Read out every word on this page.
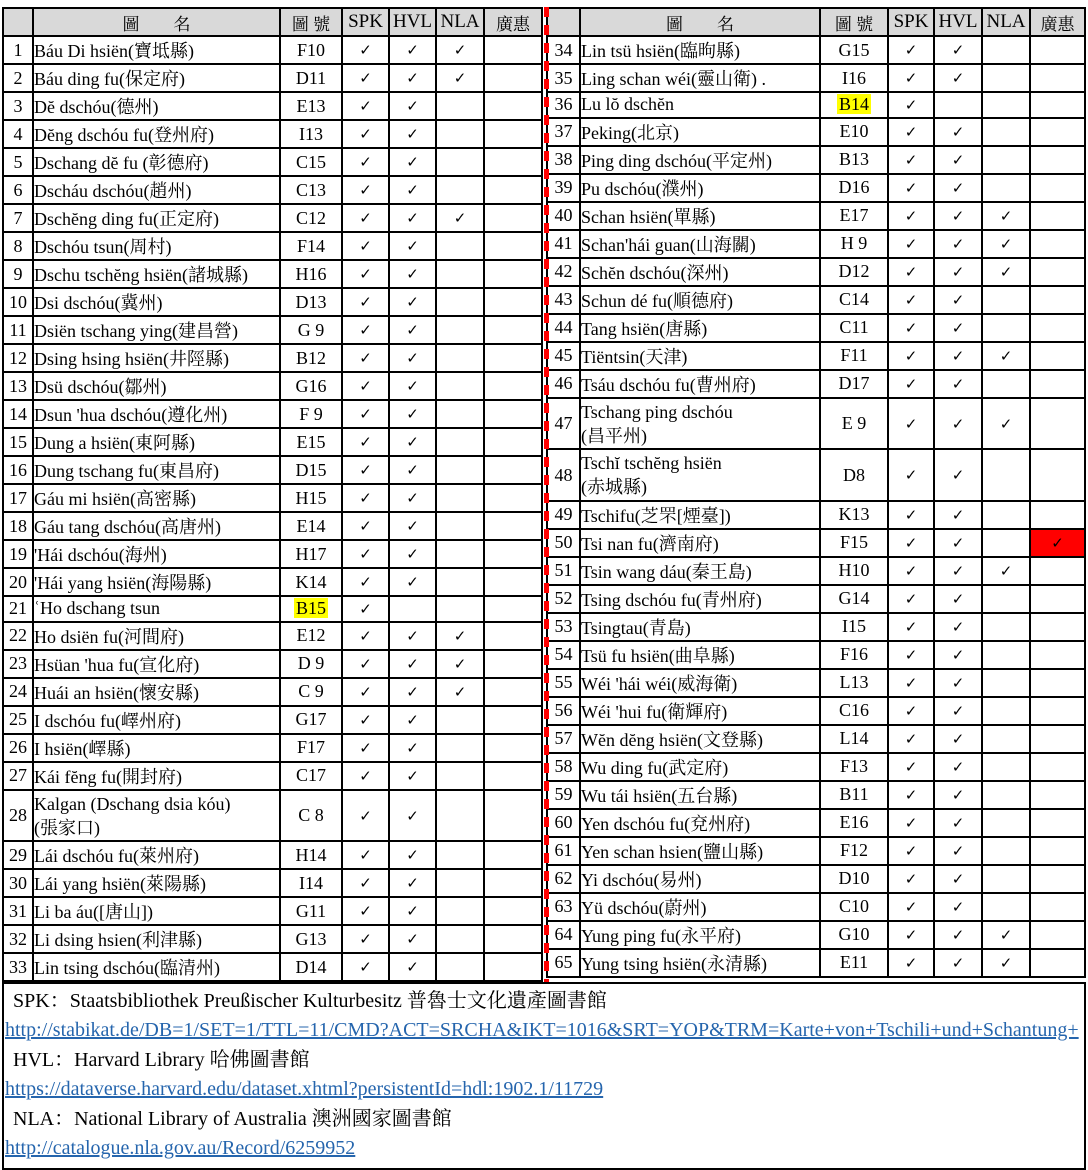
	圖　　名	圖 號	SPK	HVL	NLA	廣惠
1	Báu Di hsiën(寶坻縣)	F10	✓	✓	✓	
2	Báu ding fu(保定府)	D11	✓	✓	✓	
3	Dĕ dschóu(德州)	E13	✓	✓		
4	Dĕng dschóu fu(登州府)	I13	✓	✓		
5	Dschang dĕ fu (彰德府)	C15	✓	✓		
6	Dscháu dschóu(趙州)	C13	✓	✓		
7	Dschĕng ding fu(正定府)	C12	✓	✓	✓	
8	Dschóu tsun(周村)	F14	✓	✓		
9	Dschu tschĕng hsiën(諸城縣)	H16	✓	✓		
10	Dsi dschóu(冀州)	D13	✓	✓		
11	Dsiën tschang ying(建昌營)	G 9	✓	✓		
12	Dsing hsing hsiën(井陘縣)	B12	✓	✓		
13	Dsü dschóu(鄒州)	G16	✓	✓		
14	Dsun 'hua dschóu(遵化州)	F 9	✓	✓		
15	Dung a hsiën(東阿縣)	E15	✓	✓		
16	Dung tschang fu(東昌府)	D15	✓	✓		
17	Gáu mi hsiën(高密縣)	H15	✓	✓		
18	Gáu tang dschóu(高唐州)	E14	✓	✓		
19	'Hái dschóu(海州)	H17	✓	✓		
20	'Hái yang hsiën(海陽縣)	K14	✓	✓		
21	ʿHo dschang tsun	B15	✓			
22	Ho dsiën fu(河間府)	E12	✓	✓	✓	
23	Hsüan 'hua fu(宣化府)	D 9	✓	✓	✓	
24	Huái an hsiën(懷安縣)	C 9	✓	✓	✓	
25	I dschóu fu(嶧州府)	G17	✓	✓		
26	I hsiën(嶧縣)	F17	✓	✓		
27	Kái fĕng fu(開封府)	C17	✓	✓		
28	Kalgan (Dschang dsia kóu)
(張家口)	C 8	✓	✓		
29	Lái dschóu fu(萊州府)	H14	✓	✓		
30	Lái yang hsiën(萊陽縣)	I14	✓	✓		
31	Li ba áu([唐山])	G11	✓	✓		
32	Li dsing hsien(利津縣)	G13	✓	✓		
33	Lin tsing dschóu(臨清州)	D14	✓	✓		
	圖　　名	圖 號	SPK	HVL	NLA	廣惠
34	Lin tsü hsiën(臨昫縣)	G15	✓	✓		
35	Ling schan wéi(靈山衛) .	I16	✓	✓		
36	Lu lŏ dschĕn	B14	✓			
37	Peking(北京)	E10	✓	✓		
38	Ping ding dschóu(平定州)	B13	✓	✓		
39	Pu dschóu(濮州)	D16	✓	✓		
40	Schan hsiën(單縣)	E17	✓	✓	✓	
41	Schan'hái guan(山海關)	H 9	✓	✓	✓	
42	Schĕn dschóu(深州)	D12	✓	✓	✓	
43	Schun dé fu(順德府)	C14	✓	✓		
44	Tang hsiën(唐縣)	C11	✓	✓		
45	Tiëntsin(天津)	F11	✓	✓	✓	
46	Tsáu dschóu fu(曹州府)	D17	✓	✓		
47	Tschang ping dschóu
(昌平州)	E 9	✓	✓	✓	
48	Tschĭ tschĕng hsiën
(赤城縣)	D8	✓	✓		
49	Tschifu(芝罘[煙臺])	K13	✓	✓		
50	Tsi nan fu(濟南府)	F15	✓	✓		✓
51	Tsin wang dáu(秦王島)	H10	✓	✓	✓	
52	Tsing dschóu fu(青州府)	G14	✓	✓		
53	Tsingtau(青島)	I15	✓	✓		
54	Tsü fu hsiën(曲阜縣)	F16	✓	✓		
55	Wéi 'hái wéi(威海衛)	L13	✓	✓		
56	Wéi 'hui fu(衛輝府)	C16	✓	✓		
57	Wĕn dĕng hsiën(文登縣)	L14	✓	✓		
58	Wu ding fu(武定府)	F13	✓	✓		
59	Wu tái hsiën(五台縣)	B11	✓	✓		
60	Yen dschóu fu(兗州府)	E16	✓	✓		
61	Yen schan hsien(鹽山縣)	F12	✓	✓		
62	Yi dschóu(易州)	D10	✓	✓		
63	Yü dschóu(蔚州)	C10	✓	✓		
64	Yung ping fu(永平府)	G10	✓	✓	✓	
65	Yung tsing hsiën(永清縣)	E11	✓	✓	✓	
SPK：Staatsbibliothek Preußischer Kulturbesitz 普魯士文化遺產圖書館
http://stabikat.de/DB=1/SET=1/TTL=11/CMD?ACT=SRCHA&IKT=1016&SRT=YOP&TRM=Karte+von+Tschili+und+Schantung+
HVL：Harvard Library 哈佛圖書館
https://dataverse.harvard.edu/dataset.xhtml?persistentId=hdl:1902.1/11729
NLA：National Library of Australia 澳洲國家圖書館
http://catalogue.nla.gov.au/Record/6259952
